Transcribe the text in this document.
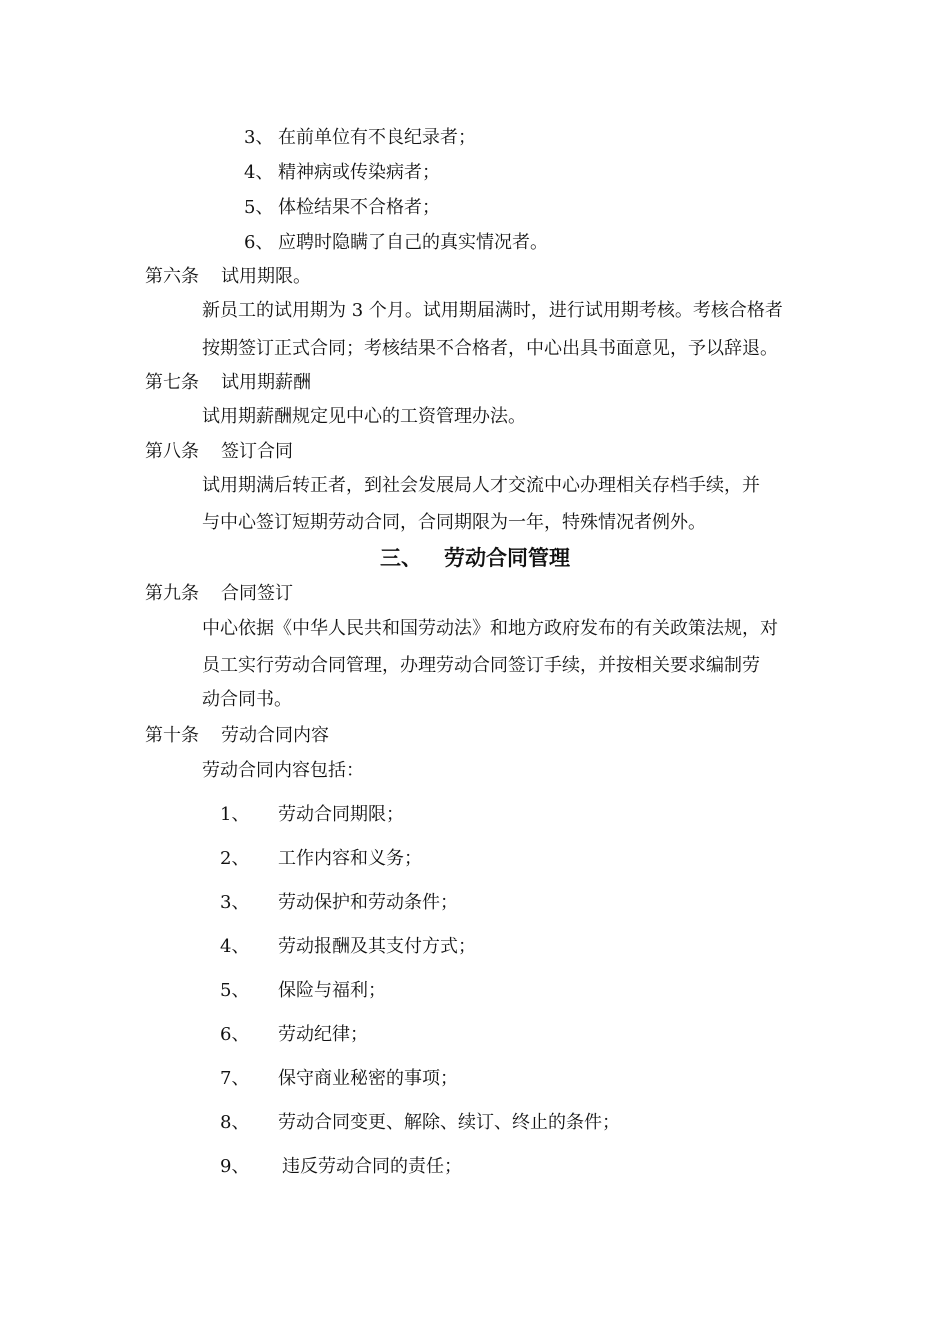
3、 在前单位有不良纪录者；
4、 精神病或传染病者；
5、 体检结果不合格者；
6、 应聘时隐瞒了自己的真实情况者。
第六条 试用期限。
新员工的试用期为 3 个月。试用期届满时，进行试用期考核。考核合格者
按期签订正式合同；考核结果不合格者，中心出具书面意见，予以辞退。
第七条 试用期薪酬
试用期薪酬规定见中心的工资管理办法。
第八条 签订合同
试用期满后转正者，到社会发展局人才交流中心办理相关存档手续，并
与中心签订短期劳动合同，合同期限为一年，特殊情况者例外。
三、 劳动合同管理
第九条 合同签订
中心依据《中华人民共和国劳动法》和地方政府发布的有关政策法规，对
员工实行劳动合同管理，办理劳动合同签订手续，并按相关要求编制劳
动合同书。
第十条 劳动合同内容
劳动合同内容包括：
1、 劳动合同期限；
2、 工作内容和义务；
3、 劳动保护和劳动条件；
4、 劳动报酬及其支付方式；
5、 保险与福利；
6、 劳动纪律；
7、 保守商业秘密的事项；
8、 劳动合同变更、解除、续订、终止的条件；
9、 违反劳动合同的责任；
